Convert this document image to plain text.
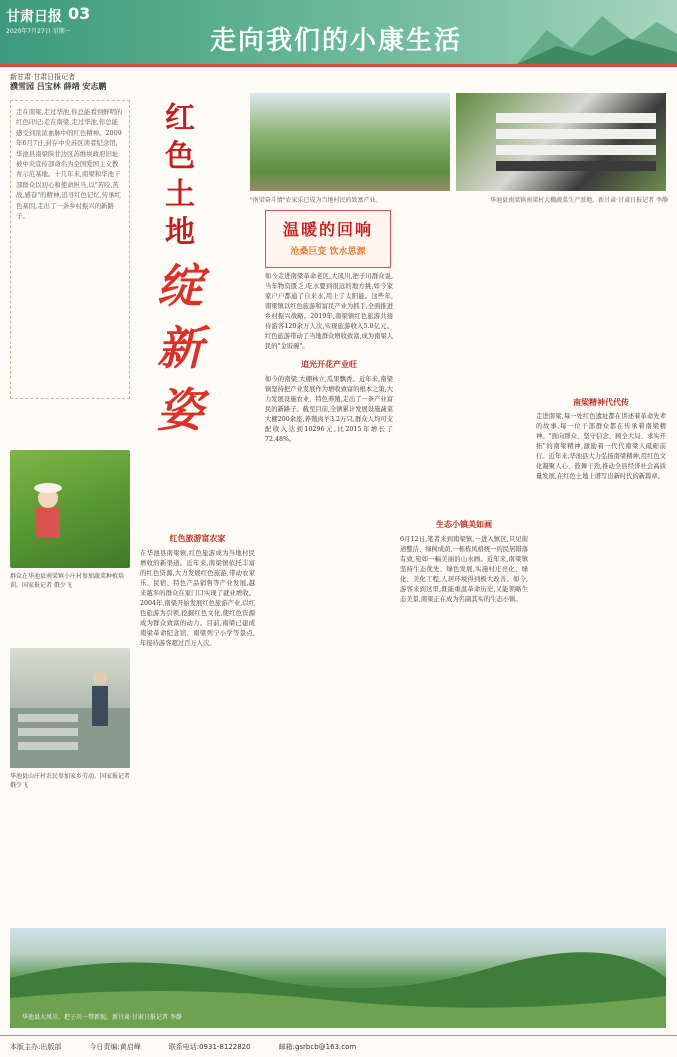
甘肃日报 03
2020年7月27日 星期一	走向我们的小康生活
新甘肃·甘肃日报记者
濮雪园 吕宝林 薛靖 安志鹏
走在南梁,走过华池,你总能看到鲜明的红色印记;走在南梁,走过华池,你总能感受到浓浓血脉中的红色精神。2009年6月7日,封存中央苏区读者纪念馆,华池县南梁陕甘边区苏维埃政府旧址被中央宣传部命名为全国爱国主义教育示范基地。十几年来,南梁和华池干部群众以初心和使命担当,以"苦咬,苦战,感奋"的精神,追寻红色记忆,传承红色基因,走出了一条乡村振兴的新路子。
群众在华池县南梁镇小庄村参加蔬菜种植培训。国家报记者 俄少飞
华池县山庄村农民参加家乡劳动。国家报记者 俄少飞
红色土地
绽新姿
红色旅游富农家
在华池县南梁镇,红色旅游成为当地村民增收的新渠道。近年来,南梁镇依托丰富的红色资源,大力发展红色旅游,带动农家乐、民宿、特色产品销售等产业发展,越来越多的群众在家门口实现了就业增收。2004年,南梁开始发展红色旅游产业,以红色旅游为引领,挖掘红色文化,使红色资源成为群众致富的动力。目前,南梁已建成南梁革命纪念馆、南梁列宁小学等景点,年接待游客超过百万人次。
"南梁奋斗情"农家乐已成为当地村民的致富产业。	华池县南梁镇南梁村大棚蔬菜生产基地。新甘肃·甘肃日报记者 李静
温暖的回响
沧桑巨变 饮水思源
如今走进南梁革命老区,大凤川,把子川群众说,当年物资匮乏,吃水要到很远的地方挑,如今家家户户都通了自来水,用上了太阳能。这些年,南梁镇以红色旅游和富民产业为抓手,全面推进乡村振兴战略。2019年,南梁镇红色旅游共接待游客120余万人次,实现旅游收入5.8亿元。红色旅游带动了当地群众增收致富,成为南梁人民的"金饭碗"。
追光开花产业旺
如今的南梁,大棚林立,瓜果飘香。近年来,南梁镇坚持把产业发展作为增收致富的根本之策,大力发展设施农业、特色养殖,走出了一条产业富民的新路子。截至目前,全镇累计发展设施蔬菜大棚200余座,养殖肉羊3.2万只,群众人均可支配收入达到10296元,比2015年增长了72.48%。
生态小镇美如画
6月12日,笔者来到南梁镇,一进入镇区,只见街道整洁、绿树成荫,一栋栋风格统一的民居错落有致,宛如一幅美丽的山水画。近年来,南梁镇坚持生态优先、绿色发展,实施村庄亮化、绿化、美化工程,人居环境得到极大改善。如今,游客来到这里,既能重温革命历史,又能领略生态美景,南梁正在成为名副其实的生态小镇。
南梁精神代代传
走进南梁,每一处红色遗址都在讲述着革命先辈的故事,每一位干部群众都在传承着南梁精神。"面向群众、坚守信念、顾全大局、求实开拓"的南梁精神,激励着一代代南梁人砥砺前行。近年来,华池县大力弘扬南梁精神,用红色文化凝聚人心、鼓舞干劲,推动全县经济社会高质量发展,在红色土地上谱写出新时代的新篇章。
华池县大凤川、把子川一带新貌。新甘肃·甘肃日报记者 李静
本版主办:出版部	今日责编:黄启峰	联系电话:0931-8122820	邮箱:gsrbcb@163.com
